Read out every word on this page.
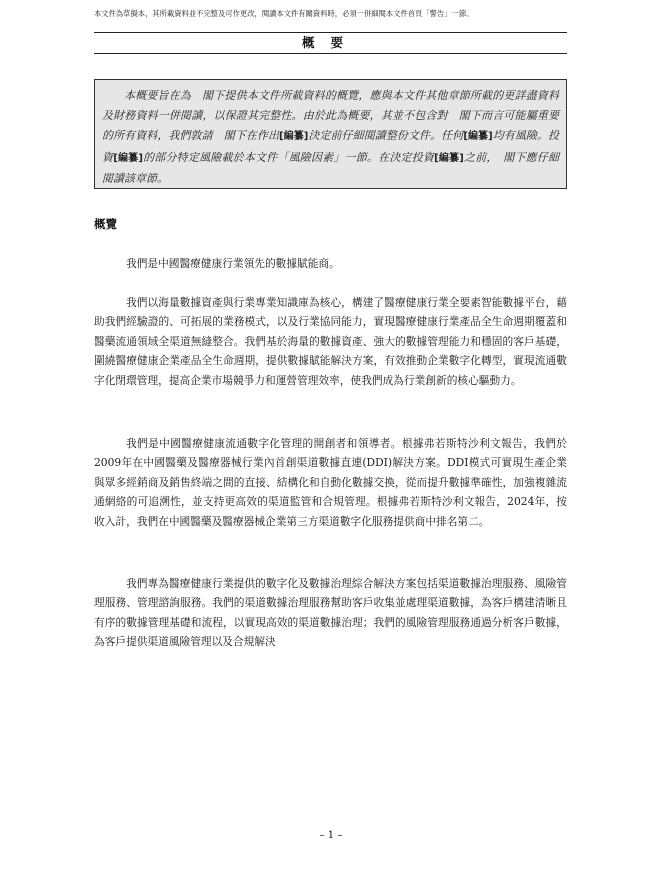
本文件為草擬本，其所載資料並不完整及可作更改，閱讀本文件有關資料時，必須一併細閱本文件首頁「警告」一節。
概要

本概要旨在為　閣下提供本文件所載資料的概覽，應與本文件其他章節所載的更詳盡資料及財務資料一併閱讀，以保證其完整性。由於此為概要，其並不包含對　閣下而言可能屬重要的所有資料，我們敦請　閣下在作出[編纂]決定前仔細閱讀整份文件。任何[編纂]均有風險。投資[編纂]的部分特定風險載於本文件「風險因素」一節。在決定投資[編纂]之前，　閣下應仔細閱讀該章節。

概覽

我們是中國醫療健康行業領先的數據賦能商。

我們以海量數據資產與行業專業知識庫為核心，構建了醫療健康行業全要素智能數據平台，藉助我們經驗證的、可拓展的業務模式，以及行業協同能力，實現醫療健康行業產品全生命週期覆蓋和醫藥流通領域全渠道無縫整合。我們基於海量的數據資產、強大的數據管理能力和穩固的客戶基礎，圍繞醫療健康企業產品全生命週期，提供數據賦能解決方案，有效推動企業數字化轉型，實現流通數字化閉環管理，提高企業市場競爭力和運營管理效率，使我們成為行業創新的核心驅動力。

我們是中國醫療健康流通數字化管理的開創者和領導者。根據弗若斯特沙利文報告，我們於2009年在中國醫藥及醫療器械行業內首創渠道數據直連(DDI)解決方案。DDI模式可實現生產企業與眾多經銷商及銷售終端之間的直接、結構化和自動化數據交換，從而提升數據準確性，加強複雜流通網絡的可追溯性，並支持更高效的渠道監管和合規管理。根據弗若斯特沙利文報告，2024年，按收入計，我們在中國醫藥及醫療器械企業第三方渠道數字化服務提供商中排名第二。

我們專為醫療健康行業提供的數字化及數據治理綜合解決方案包括渠道數據治理服務、風險管理服務、管理諮詢服務。我們的渠道數據治理服務幫助客戶收集並處理渠道數據，為客戶構建清晰且有序的數據管理基礎和流程，以實現高效的渠道數據治理；我們的風險管理服務通過分析客戶數據，為客戶提供渠道風險管理以及合規解決

– 1 –
